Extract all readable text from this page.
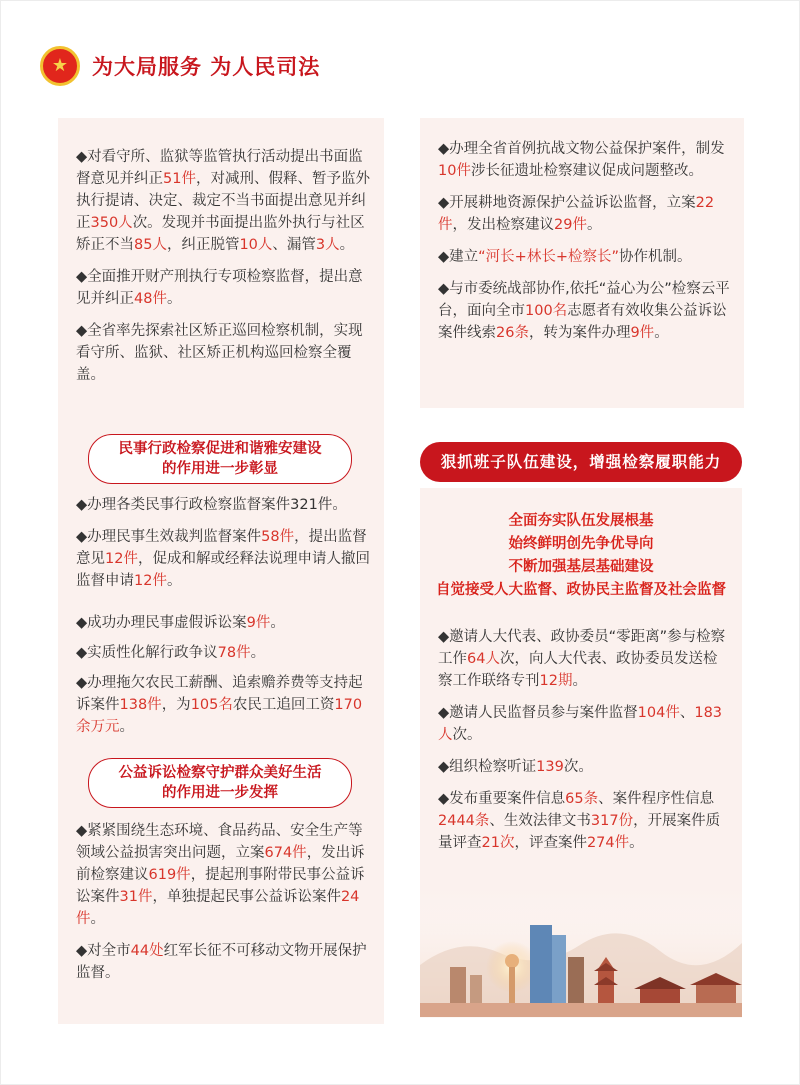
★ 为大局服务 为人民司法

◆对看守所、监狱等监管执行活动提出书面监督意见并纠正51件，对减刑、假释、暂予监外执行提请、决定、裁定不当书面提出意见并纠正350人次。发现并书面提出监外执行与社区矫正不当85人，纠正脱管10人、漏管3人。

◆全面推开财产刑执行专项检察监督，提出意见并纠正48件。

◆全省率先探索社区矫正巡回检察机制，实现看守所、监狱、社区矫正机构巡回检察全覆盖。

民事行政检察促进和谐雅安建设
的作用进一步彰显

◆办理各类民事行政检察监督案件321件。

◆办理民事生效裁判监督案件58件，提出监督意见12件，促成和解或经释法说理申请人撤回监督申请12件。

◆成功办理民事虚假诉讼案9件。

◆实质性化解行政争议78件。

◆办理拖欠农民工薪酬、追索赡养费等支持起诉案件138件，为105名农民工追回工资170余万元。

公益诉讼检察守护群众美好生活
的作用进一步发挥

◆紧紧围绕生态环境、食品药品、安全生产等领域公益损害突出问题，立案674件，发出诉前检察建议619件，提起刑事附带民事公益诉讼案件31件，单独提起民事公益诉讼案件24件。

◆对全市44处红军长征不可移动文物开展保护监督。

◆办理全省首例抗战文物公益保护案件，制发10件涉长征遗址检察建议促成问题整改。

◆开展耕地资源保护公益诉讼监督，立案22件，发出检察建议29件。

◆建立“河长+林长+检察长”协作机制。

◆与市委统战部协作,依托“益心为公”检察云平台，面向全市100名志愿者有效收集公益诉讼案件线索26条，转为案件办理9件。

狠抓班子队伍建设，增强检察履职能力
全面夯实队伍发展根基
始终鲜明创先争优导向
不断加强基层基础建设
自觉接受人大监督、政协民主监督及社会监督

◆邀请人大代表、政协委员“零距离”参与检察工作64人次，向人大代表、政协委员发送检察工作联络专刊12期。

◆邀请人民监督员参与案件监督104件、183人次。

◆组织检察听证139次。

◆发布重要案件信息65条、案件程序性信息2444条、生效法律文书317份，开展案件质量评查21次，评查案件274件。
